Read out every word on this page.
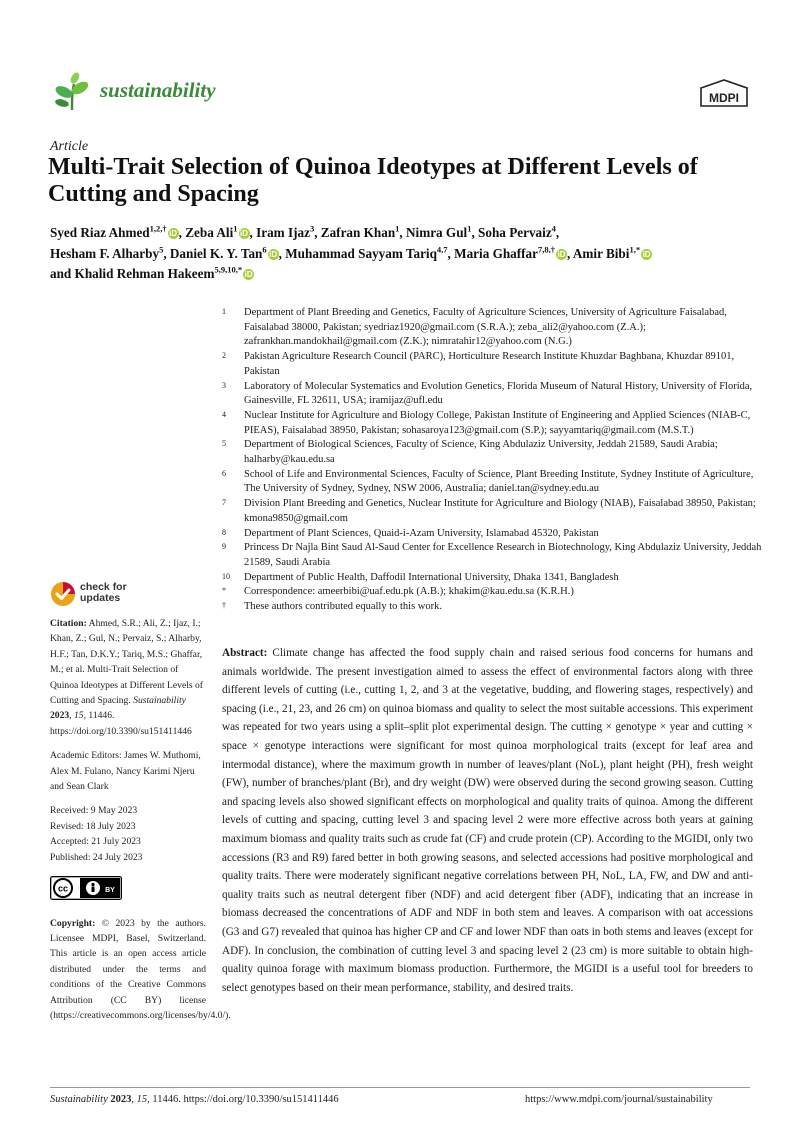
sustainability	MDPI
Article
Multi-Trait Selection of Quinoa Ideotypes at Different Levels of Cutting and Spacing
Syed Riaz Ahmed$^{1,2,\dagger}$ iD , Zeba Ali$^1$ iD , Iram Ijaz$^3$, Zafran Khan$^1$, Nimra Gul$^1$, Soha Pervaiz$^4$,
Hesham F. Alharby$^5$, Daniel K. Y. Tan$^6$ iD , Muhammad Sayyam Tariq$^{4,7}$, Maria Ghaffar$^{7,8,\dagger}$ iD , Amir Bibi$^{1,*}$ iD
and Khalid Rehman Hakeem$^{5,9,10,*}$ iD
1	Department of Plant Breeding and Genetics, Faculty of Agriculture Sciences, University of Agriculture Faisalabad, Faisalabad 38000, Pakistan; syedriaz1920@gmail.com (S.R.A.); zeba_ali2@yahoo.com (Z.A.); zafrankhan.mandokhail@gmail.com (Z.K.); nimratahir12@yahoo.com (N.G.)
2	Pakistan Agriculture Research Council (PARC), Horticulture Research Institute Khuzdar Baghbana, Khuzdar 89101, Pakistan
3	Laboratory of Molecular Systematics and Evolution Genetics, Florida Museum of Natural History, University of Florida, Gainesville, FL 32611, USA; iramijaz@ufl.edu
4	Nuclear Institute for Agriculture and Biology College, Pakistan Institute of Engineering and Applied Sciences (NIAB-C, PIEAS), Faisalabad 38950, Pakistan; sohasaroya123@gmail.com (S.P.); sayyamtariq@gmail.com (M.S.T.)
5	Department of Biological Sciences, Faculty of Science, King Abdulaziz University, Jeddah 21589, Saudi Arabia; halharby@kau.edu.sa
6	School of Life and Environmental Sciences, Faculty of Science, Plant Breeding Institute, Sydney Institute of Agriculture, The University of Sydney, Sydney, NSW 2006, Australia; daniel.tan@sydney.edu.au
7	Division Plant Breeding and Genetics, Nuclear Institute for Agriculture and Biology (NIAB), Faisalabad 38950, Pakistan; kmona9850@gmail.com
8	Department of Plant Sciences, Quaid-i-Azam University, Islamabad 45320, Pakistan
9	Princess Dr Najla Bint Saud Al-Saud Center for Excellence Research in Biotechnology, King Abdulaziz University, Jeddah 21589, Saudi Arabia
10	Department of Public Health, Daffodil International University, Dhaka 1341, Bangladesh
*	Correspondence: ameerbibi@uaf.edu.pk (A.B.); khakim@kau.edu.sa (K.R.H.)
†	These authors contributed equally to this work.
check for
updates
Citation: Ahmed, S.R.; Ali, Z.; Ijaz, I.; Khan, Z.; Gul, N.; Pervaiz, S.; Alharby, H.F.; Tan, D.K.Y.; Tariq, M.S.; Ghaffar, M.; et al. Multi-Trait Selection of Quinoa Ideotypes at Different Levels of Cutting and Spacing. Sustainability 2023, 15, 11446. https://doi.org/10.3390/su151411446
Academic Editors: James W. Muthomi, Alex M. Fulano, Nancy Karimi Njeru and Sean Clark
Received: 9 May 2023
Revised: 18 July 2023
Accepted: 21 July 2023
Published: 24 July 2023
cc	BY
Copyright: © 2023 by the authors. Licensee MDPI, Basel, Switzerland. This article is an open access article distributed under the terms and conditions of the Creative Commons Attribution (CC BY) license (https://creativecommons.org/licenses/by/4.0/).
Abstract: Climate change has affected the food supply chain and raised serious food concerns for humans and animals worldwide. The present investigation aimed to assess the effect of environmental factors along with three different levels of cutting (i.e., cutting 1, 2, and 3 at the vegetative, budding, and flowering stages, respectively) and spacing (i.e., 21, 23, and 26 cm) on quinoa biomass and quality to select the most suitable accessions. This experiment was repeated for two years using a split–split plot experimental design. The cutting × genotype × year and cutting × space × genotype interactions were significant for most quinoa morphological traits (except for leaf area and intermodal distance), where the maximum growth in number of leaves/plant (NoL), plant height (PH), fresh weight (FW), number of branches/plant (Br), and dry weight (DW) were observed during the second growing season. Cutting and spacing levels also showed significant effects on morphological and quality traits of quinoa. Among the different levels of cutting and spacing, cutting level 3 and spacing level 2 were more effective across both years at gaining maximum biomass and quality traits such as crude fat (CF) and crude protein (CP). According to the MGIDI, only two accessions (R3 and R9) fared better in both growing seasons, and selected accessions had positive morphological and quality traits. There were moderately significant negative correlations between PH, NoL, LA, FW, and DW and anti-quality traits such as neutral detergent fiber (NDF) and acid detergent fiber (ADF), indicating that an increase in biomass decreased the concentrations of ADF and NDF in both stem and leaves. A comparison with oat accessions (G3 and G7) revealed that quinoa has higher CP and CF and lower NDF than oats in both stems and leaves (except for ADF). In conclusion, the combination of cutting level 3 and spacing level 2 (23 cm) is more suitable to obtain high-quality quinoa forage with maximum biomass production. Furthermore, the MGIDI is a useful tool for breeders to select genotypes based on their mean performance, stability, and desired traits.
Sustainability 2023, 15, 11446. https://doi.org/10.3390/su151411446	https://www.mdpi.com/journal/sustainability
